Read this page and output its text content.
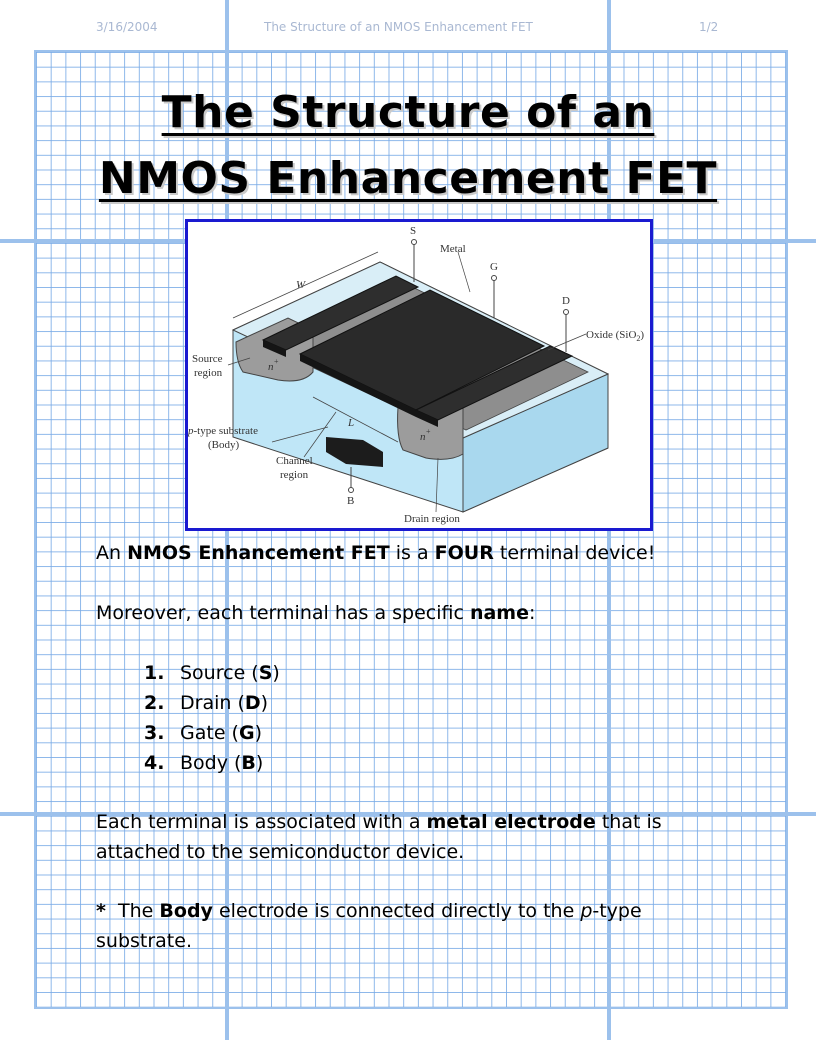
3/16/2004	The Structure of an NMOS Enhancement FET	1/2
The Structure of an
NMOS Enhancement FET
S
Metal
G
D
W
Oxide (SiO$_2$)
Source
region	n+
n+
L
p-type substrate
(Body)
Channel
region
B
Drain region
An NMOS Enhancement FET is a FOUR terminal device!
Moreover, each terminal has a specific name:
1. Source (S)
2. Drain (D)
3. Gate (G)
4. Body (B)
Each terminal is associated with a metal electrode that is
attached to the semiconductor device.
*  The Body electrode is connected directly to the p-type
substrate.
